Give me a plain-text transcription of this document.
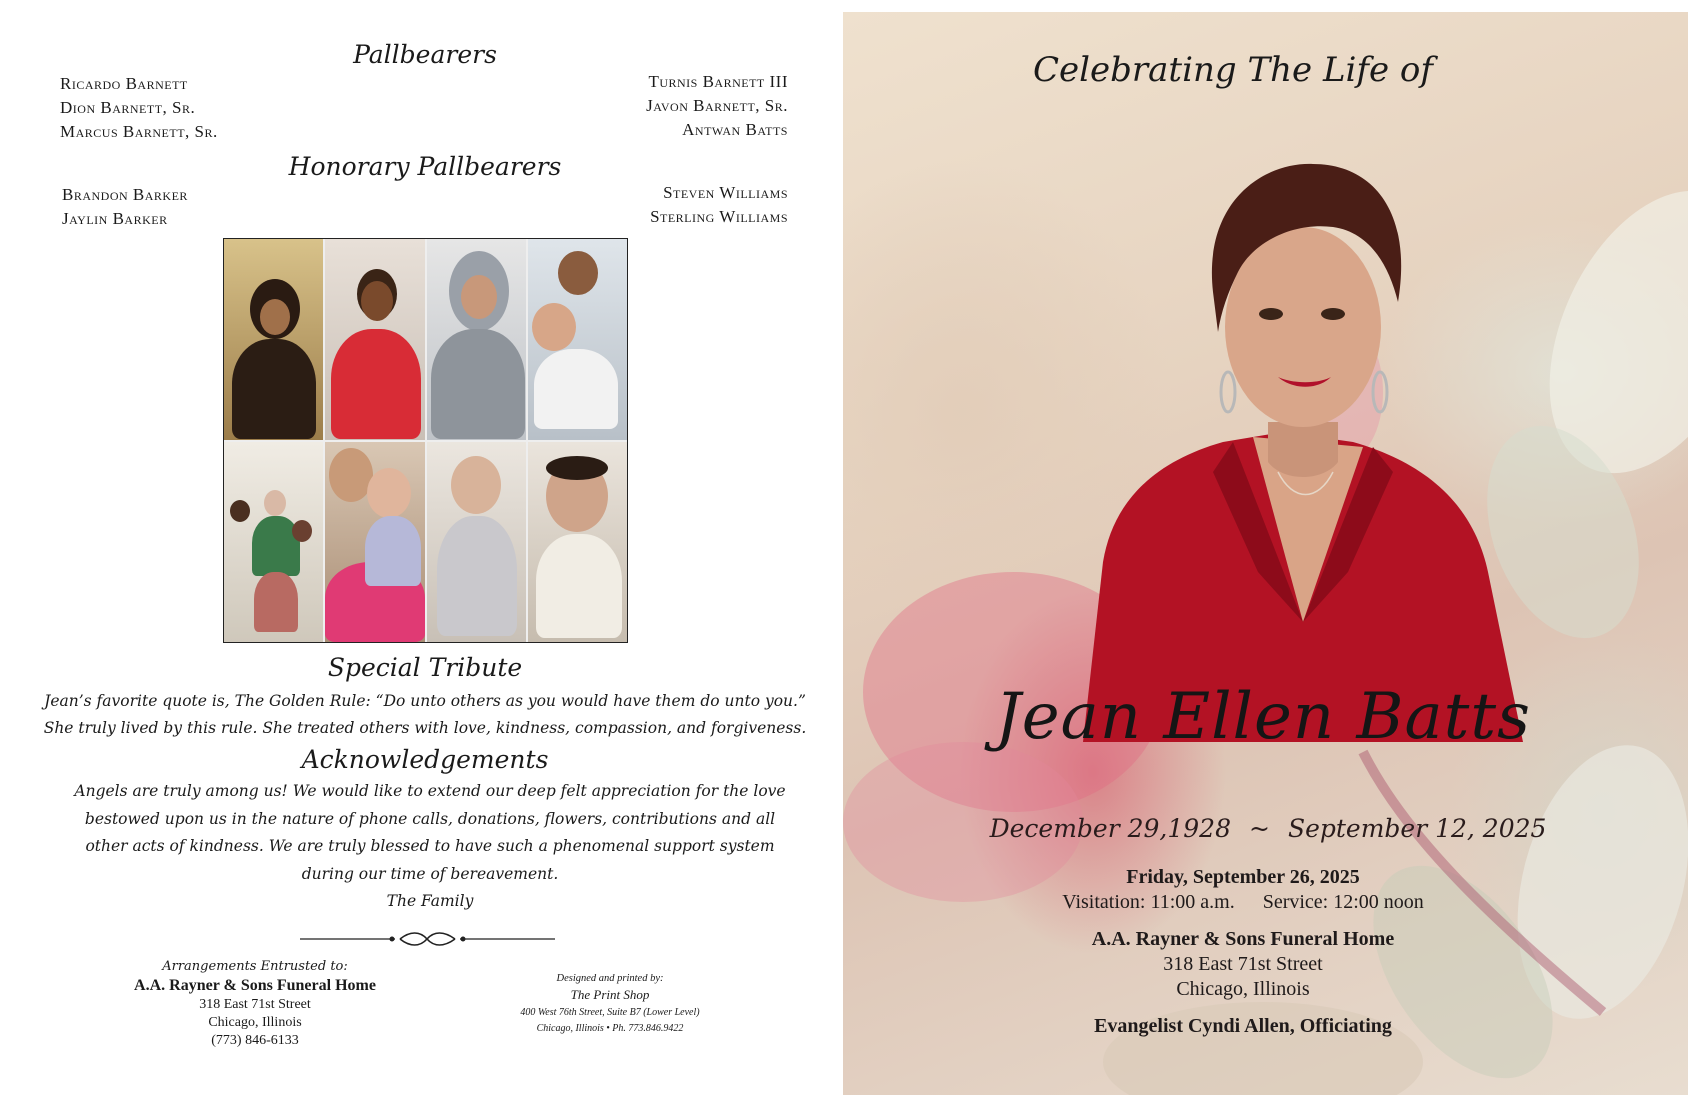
Pallbearers
Ricardo Barnett
Dion Barnett, Sr.
Marcus Barnett, Sr.
Turnis Barnett III
Javon Barnett, Sr.
Antwan Batts
Honorary Pallbearers
Brandon Barker
Jaylin Barker
Steven Williams
Sterling Williams
Special Tribute
Jean’s favorite quote is, The Golden Rule: “Do unto others as you would have them do unto you.”
She truly lived by this rule. She treated others with love, kindness, compassion, and forgiveness.
Acknowledgements
Angels are truly among us! We would like to extend our deep felt appreciation for the love
bestowed upon us in the nature of phone calls, donations, flowers, contributions and all
other acts of kindness. We are truly blessed to have such a phenomenal support system
during our time of bereavement.
The Family
Arrangements Entrusted to:
A.A. Rayner & Sons Funeral Home
318 East 71st Street
Chicago, Illinois
(773) 846-6133
Designed and printed by:
The Print Shop
400 West 76th Street, Suite B7 (Lower Level)
Chicago, Illinois • Ph. 773.846.9422
Celebrating The Life of
Jean Ellen Batts
December 29,1928 ~ September 12, 2025
Friday, September 26, 2025
Visitation: 11:00 a.m. Service: 12:00 noon
A.A. Rayner & Sons Funeral Home
318 East 71st Street
Chicago, Illinois
Evangelist Cyndi Allen, Officiating
